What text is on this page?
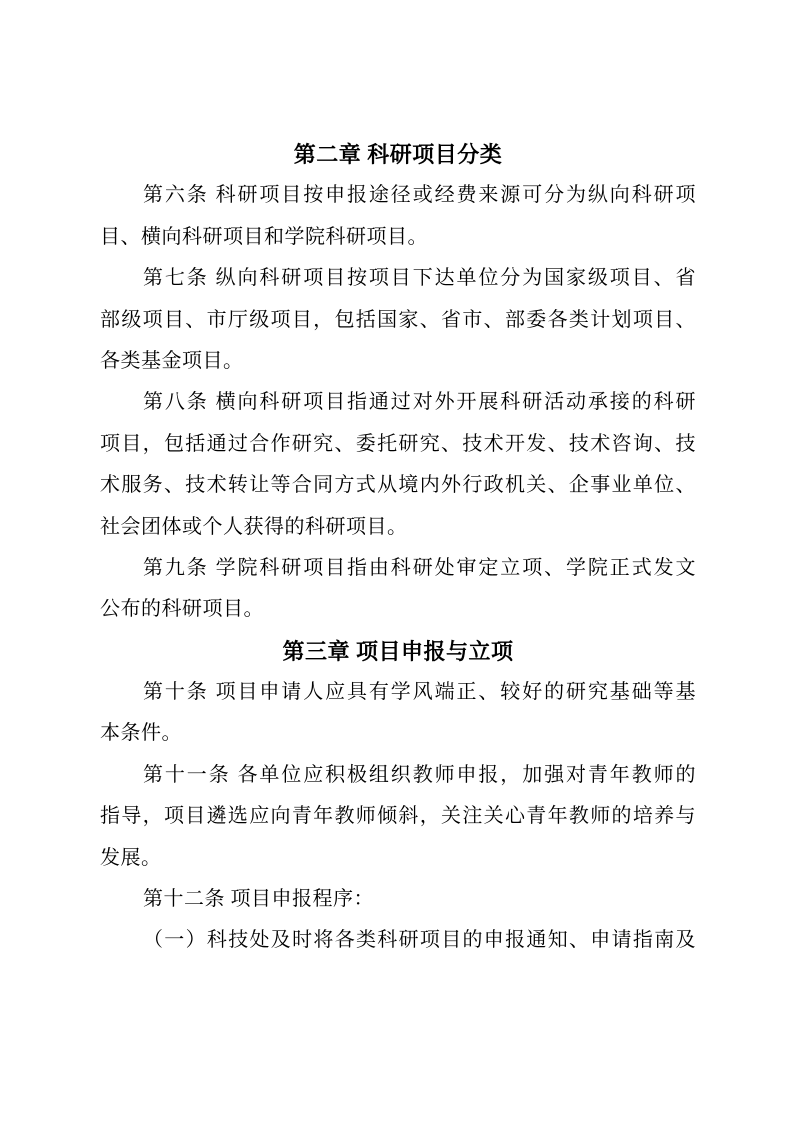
第二章 科研项目分类
第六条 科研项目按申报途径或经费来源可分为纵向科研项
目、横向科研项目和学院科研项目。
第七条 纵向科研项目按项目下达单位分为国家级项目、省
部级项目、市厅级项目，包括国家、省市、部委各类计划项目、
各类基金项目。
第八条 横向科研项目指通过对外开展科研活动承接的科研
项目，包括通过合作研究、委托研究、技术开发、技术咨询、技
术服务、技术转让等合同方式从境内外行政机关、企事业单位、
社会团体或个人获得的科研项目。
第九条 学院科研项目指由科研处审定立项、学院正式发文
公布的科研项目。
第三章 项目申报与立项
第十条 项目申请人应具有学风端正、较好的研究基础等基
本条件。
第十一条 各单位应积极组织教师申报，加强对青年教师的
指导，项目遴选应向青年教师倾斜，关注关心青年教师的培养与
发展。
第十二条 项目申报程序：
（一）科技处及时将各类科研项目的申报通知、申请指南及
